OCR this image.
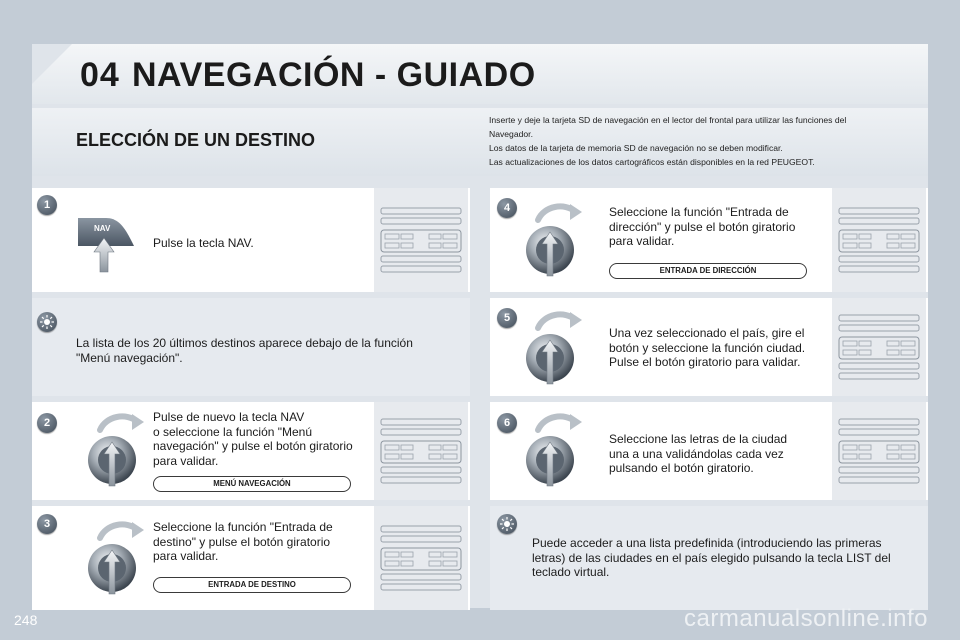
04 NAVEGACIÓN - GUIADO
ELECCIÓN DE UN DESTINO
Inserte y deje la tarjeta SD de navegación en el lector del frontal para utilizar las funciones del
Navegador.
Los datos de la tarjeta de memoria SD de navegación no se deben modificar.
Las actualizaciones de los datos cartográficos están disponibles en la red PEUGEOT.
1
NAV
Pulse la tecla NAV.
La lista de los 20 últimos destinos aparece debajo de la función
"Menú navegación".
2	Pulse de nuevo la tecla NAV
o seleccione la función "Menú
navegación" y pulse el botón giratorio
para validar.
MENÚ NAVEGACIÓN
3	Seleccione la función "Entrada de
destino" y pulse el botón giratorio
para validar.
ENTRADA DE DESTINO
4	Seleccione la función "Entrada de
dirección" y pulse el botón giratorio
para validar.
ENTRADA DE DIRECCIÓN
5
Una vez seleccionado el país, gire el
botón y seleccione la función ciudad.
Pulse el botón giratorio para validar.
6
Seleccione las letras de la ciudad
una a una validándolas cada vez
pulsando el botón giratorio.
Puede acceder a una lista predefinida (introduciendo las primeras
letras) de las ciudades en el país elegido pulsando la tecla LIST del
teclado virtual.
248	carmanualsonline.info
